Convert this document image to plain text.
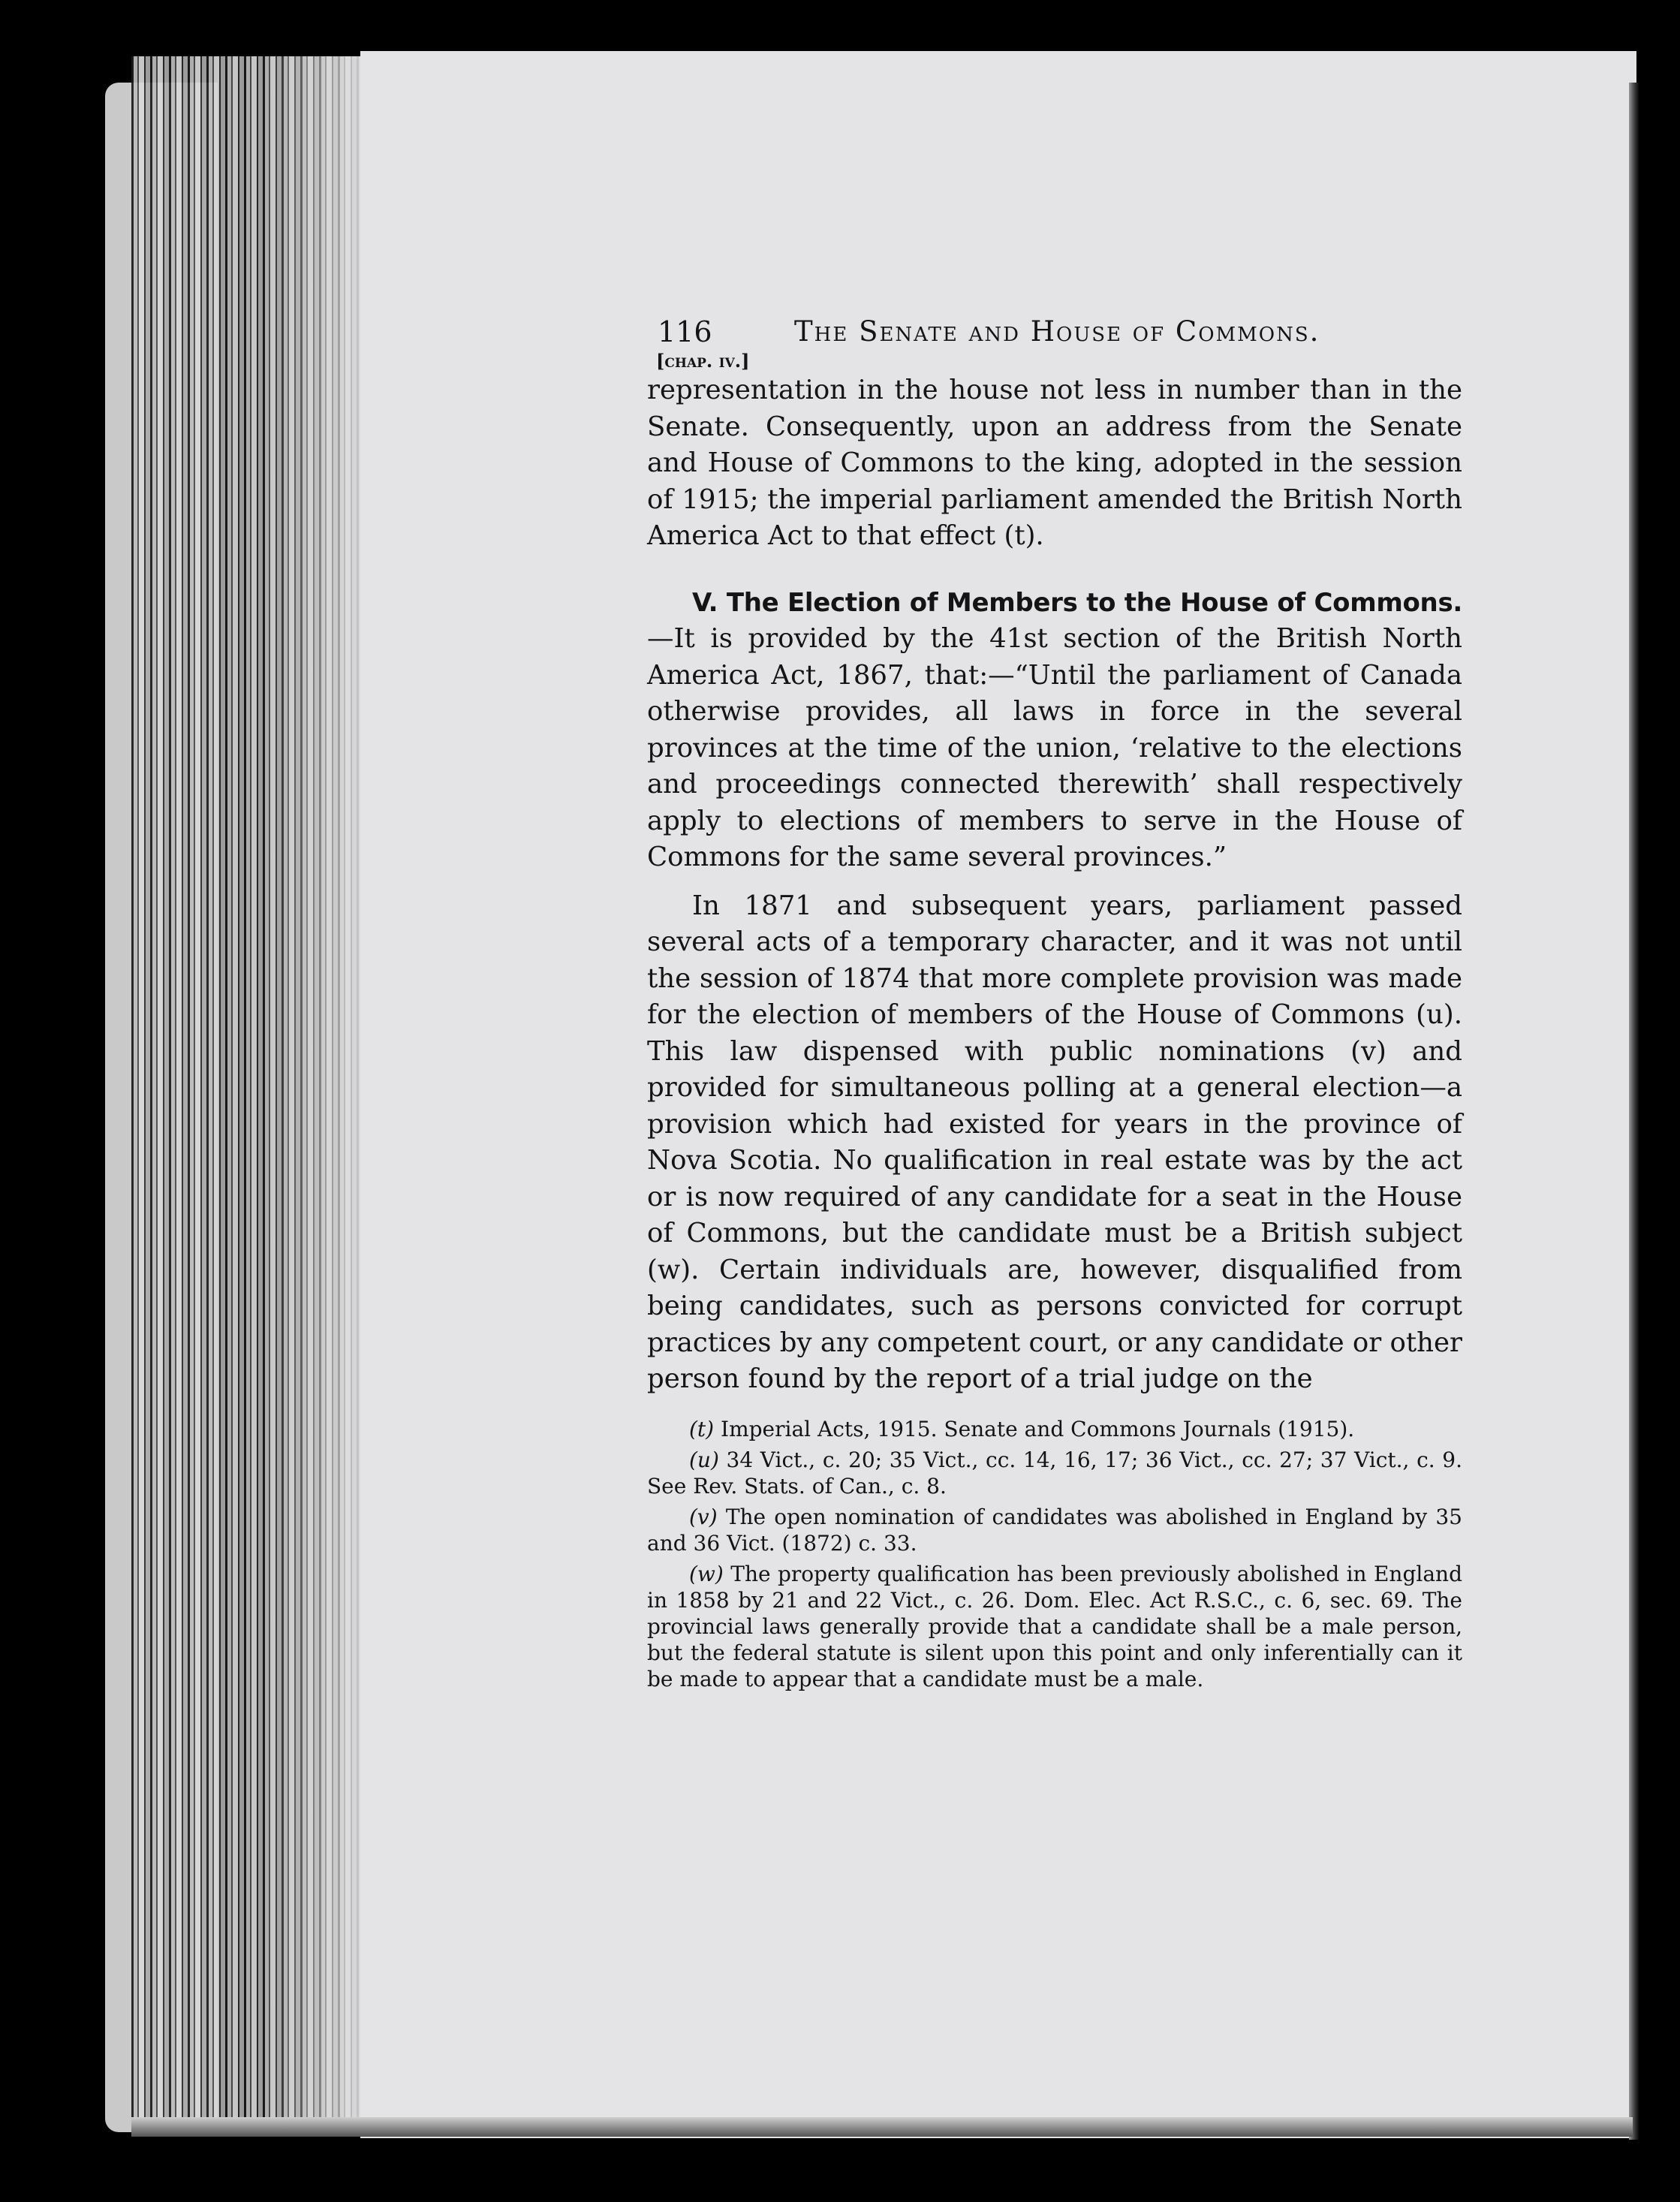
116	The Senate and House of Commons.
[chap. iv.]

representation in the house not less in number than in the Senate. Consequently, upon an address from the Senate and House of Commons to the king, adopted in the session of 1915; the imperial parliament amended the British North America Act to that effect (t).

V. The Election of Members to the House of Commons. —It is provided by the 41st section of the British North America Act, 1867, that:—“Until the parliament of Canada otherwise provides, all laws in force in the several provinces at the time of the union, ‘relative to the elections and proceedings connected therewith’ shall respectively apply to elections of members to serve in the House of Commons for the same several provinces.”

In 1871 and subsequent years, parliament passed several acts of a temporary character, and it was not until the session of 1874 that more complete provision was made for the election of members of the House of Commons (u). This law dispensed with public nominations (v) and provided for simultaneous polling at a general election—a provision which had existed for years in the province of Nova Scotia. No qualification in real estate was by the act or is now required of any candidate for a seat in the House of Commons, but the candidate must be a British subject (w). Certain individuals are, however, disqualified from being candidates, such as persons convicted for corrupt practices by any competent court, or any candidate or other person found by the report of a trial judge on the

(t) Imperial Acts, 1915. Senate and Commons Journals (1915).

(u) 34 Vict., c. 20; 35 Vict., cc. 14, 16, 17; 36 Vict., cc. 27; 37 Vict., c. 9. See Rev. Stats. of Can., c. 8.

(v) The open nomination of candidates was abolished in England by 35 and 36 Vict. (1872) c. 33.

(w) The property qualification has been previously abolished in England in 1858 by 21 and 22 Vict., c. 26. Dom. Elec. Act R.S.C., c. 6, sec. 69. The provincial laws generally provide that a candidate shall be a male person, but the federal statute is silent upon this point and only inferentially can it be made to appear that a candidate must be a male.
